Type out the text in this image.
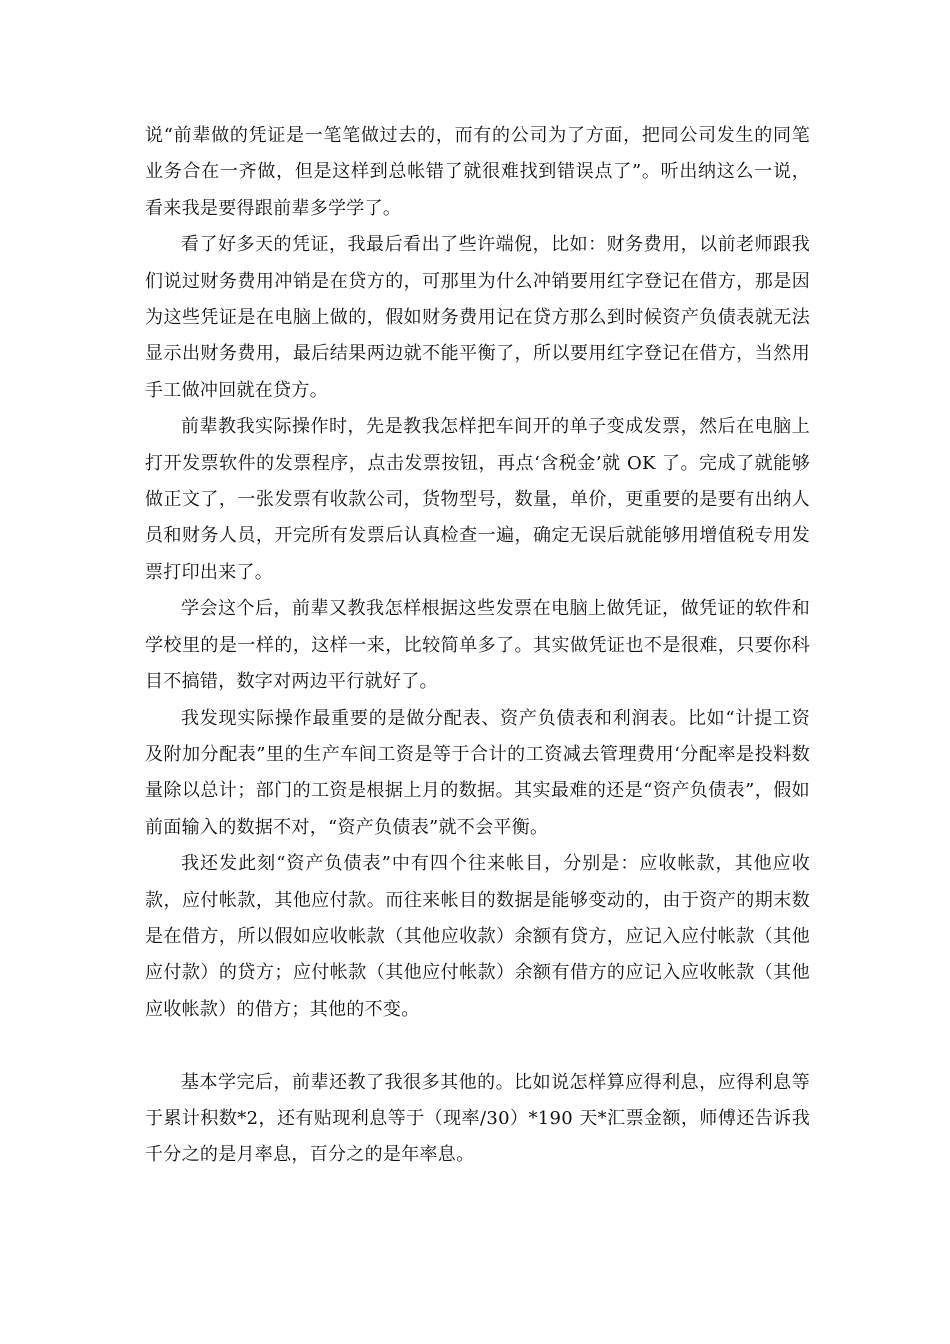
说“前辈做的凭证是一笔笔做过去的，而有的公司为了方面，把同公司发生的同笔业务合在一齐做，但是这样到总帐错了就很难找到错误点了”。听出纳这么一说，看来我是要得跟前辈多学学了。

看了好多天的凭证，我最后看出了些许端倪，比如：财务费用，以前老师跟我们说过财务费用冲销是在贷方的，可那里为什么冲销要用红字登记在借方，那是因为这些凭证是在电脑上做的，假如财务费用记在贷方那么到时候资产负债表就无法显示出财务费用，最后结果两边就不能平衡了，所以要用红字登记在借方，当然用手工做冲回就在贷方。

前辈教我实际操作时，先是教我怎样把车间开的单子变成发票，然后在电脑上打开发票软件的发票程序，点击发票按钮，再点‘含税金’就 OK 了。完成了就能够做正文了，一张发票有收款公司，货物型号，数量，单价，更重要的是要有出纳人员和财务人员，开完所有发票后认真检查一遍，确定无误后就能够用增值税专用发票打印出来了。

学会这个后，前辈又教我怎样根据这些发票在电脑上做凭证，做凭证的软件和学校里的是一样的，这样一来，比较简单多了。其实做凭证也不是很难，只要你科目不搞错，数字对两边平行就好了。

我发现实际操作最重要的是做分配表、资产负债表和利润表。比如“计提工资及附加分配表”里的生产车间工资是等于合计的工资减去管理费用‘分配率是投料数量除以总计；部门的工资是根据上月的数据。其实最难的还是“资产负债表”，假如前面输入的数据不对，“资产负债表”就不会平衡。

我还发此刻“资产负债表”中有四个往来帐目，分别是：应收帐款，其他应收款，应付帐款，其他应付款。而往来帐目的数据是能够变动的，由于资产的期末数是在借方，所以假如应收帐款（其他应收款）余额有贷方，应记入应付帐款（其他应付款）的贷方；应付帐款（其他应付帐款）余额有借方的应记入应收帐款（其他应收帐款）的借方；其他的不变。

基本学完后，前辈还教了我很多其他的。比如说怎样算应得利息，应得利息等于累计积数*2，还有贴现利息等于（现率/30）*190 天*汇票金额，师傅还告诉我千分之的是月率息，百分之的是年率息。
